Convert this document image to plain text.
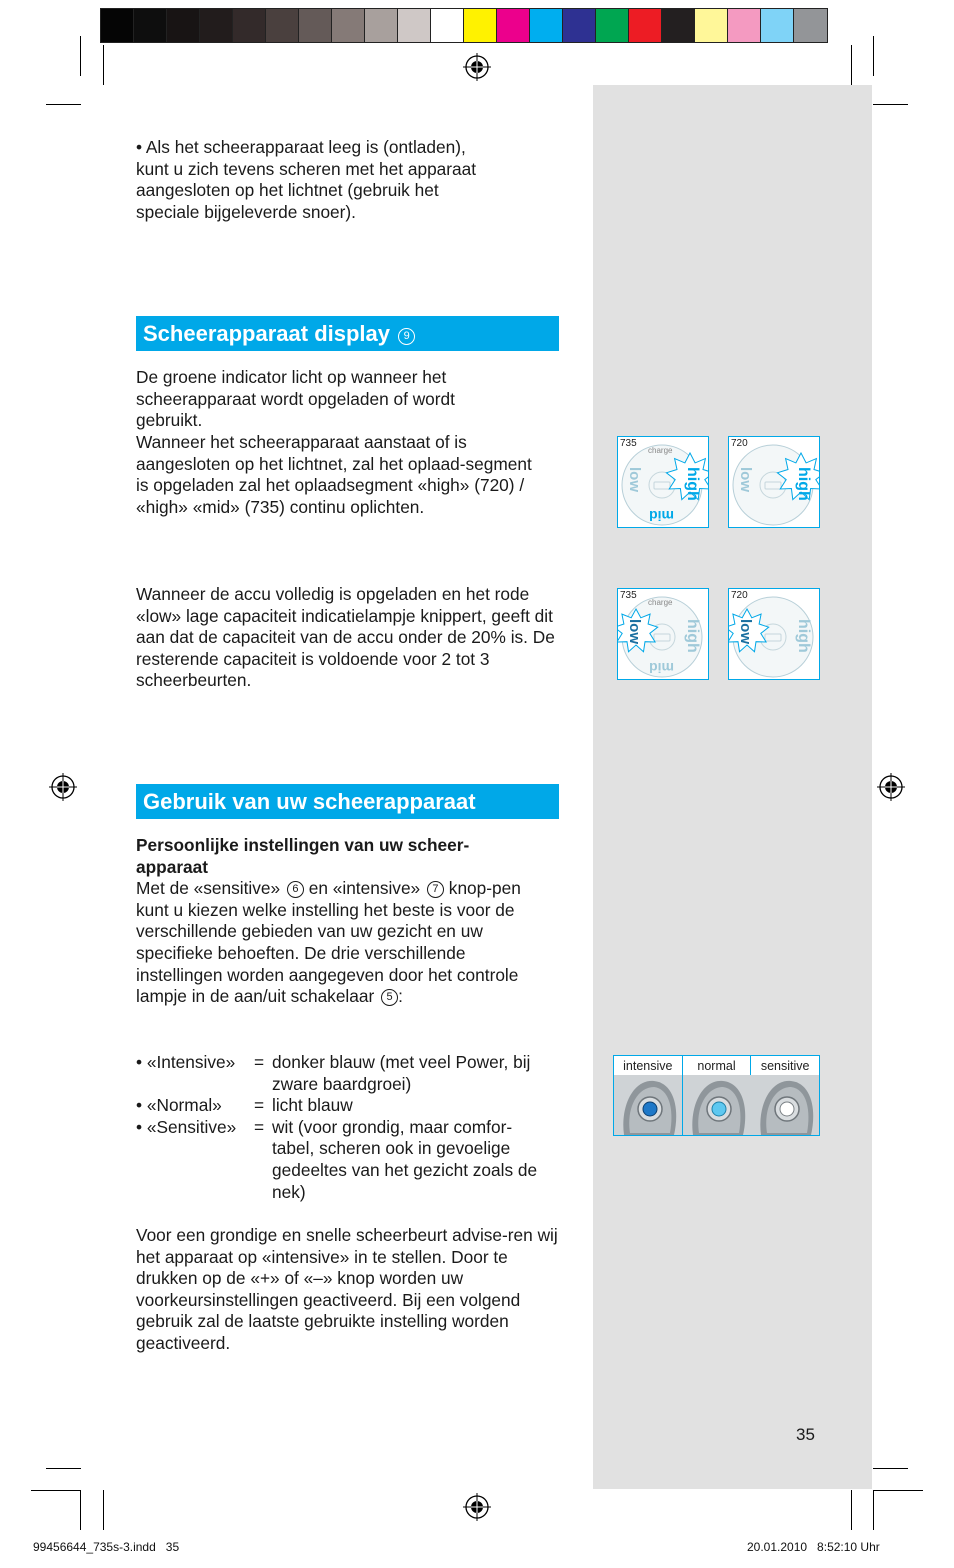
• Als het scheerapparaat leeg is (ontladen),
kunt u zich tevens scheren met het apparaat
aangesloten op het lichtnet (gebruik het
speciale bijgeleverde snoer).
Scheerapparaat display 9
De groene indicator licht op wanneer het scheerapparaat wordt opgeladen of wordt gebruikt.
Wanneer het scheerapparaat aanstaat of is aangesloten op het lichtnet, zal het oplaad-segment is opgeladen zal het oplaadsegment «high» (720) / «high» «mid» (735) continu oplichten.
Wanneer de accu volledig is opgeladen en het rode «low» lage capaciteit indicatielampje knippert, geeft dit aan dat de capaciteit van de accu onder de 20% is. De resterende capaciteit is voldoende voor 2 tot 3 scheerbeurten.
Gebruik van uw scheerapparaat
Persoonlijke instellingen van uw scheer-apparaat
Met de «sensitive» 6 en «intensive» 7 knop-pen kunt u kiezen welke instelling het beste is voor de verschillende gebieden van uw gezicht en uw specifieke behoeften. De drie verschillende instellingen worden aangegeven door het controle lampje in de aan/uit schakelaar 5 :
• «Intensive»	= donker blauw (met veel Power, bij zware baardgroei)
• «Normal»	= licht blauw
• «Sensitive»	= wit (voor grondig, maar comfor-tabel, scheren ook in gevoelige gedeeltes van het gezicht zoals de nek)
Voor een grondige en snelle scheerbeurt advise-ren wij het apparaat op «intensive» in te stellen. Door te drukken op de «+» of «–» knop worden uw voorkeursinstellingen geactiveerd. Bij een volgend gebruik zal de laatste gebruikte instelling worden geactiveerd.
735
charge
high
low
mid
720
high
low
735
charge
high
low
mid
720
high
low
intensive	normal	sensitive
35
99456644_735s-3.indd   35	20.01.2010   8:52:10 Uhr
